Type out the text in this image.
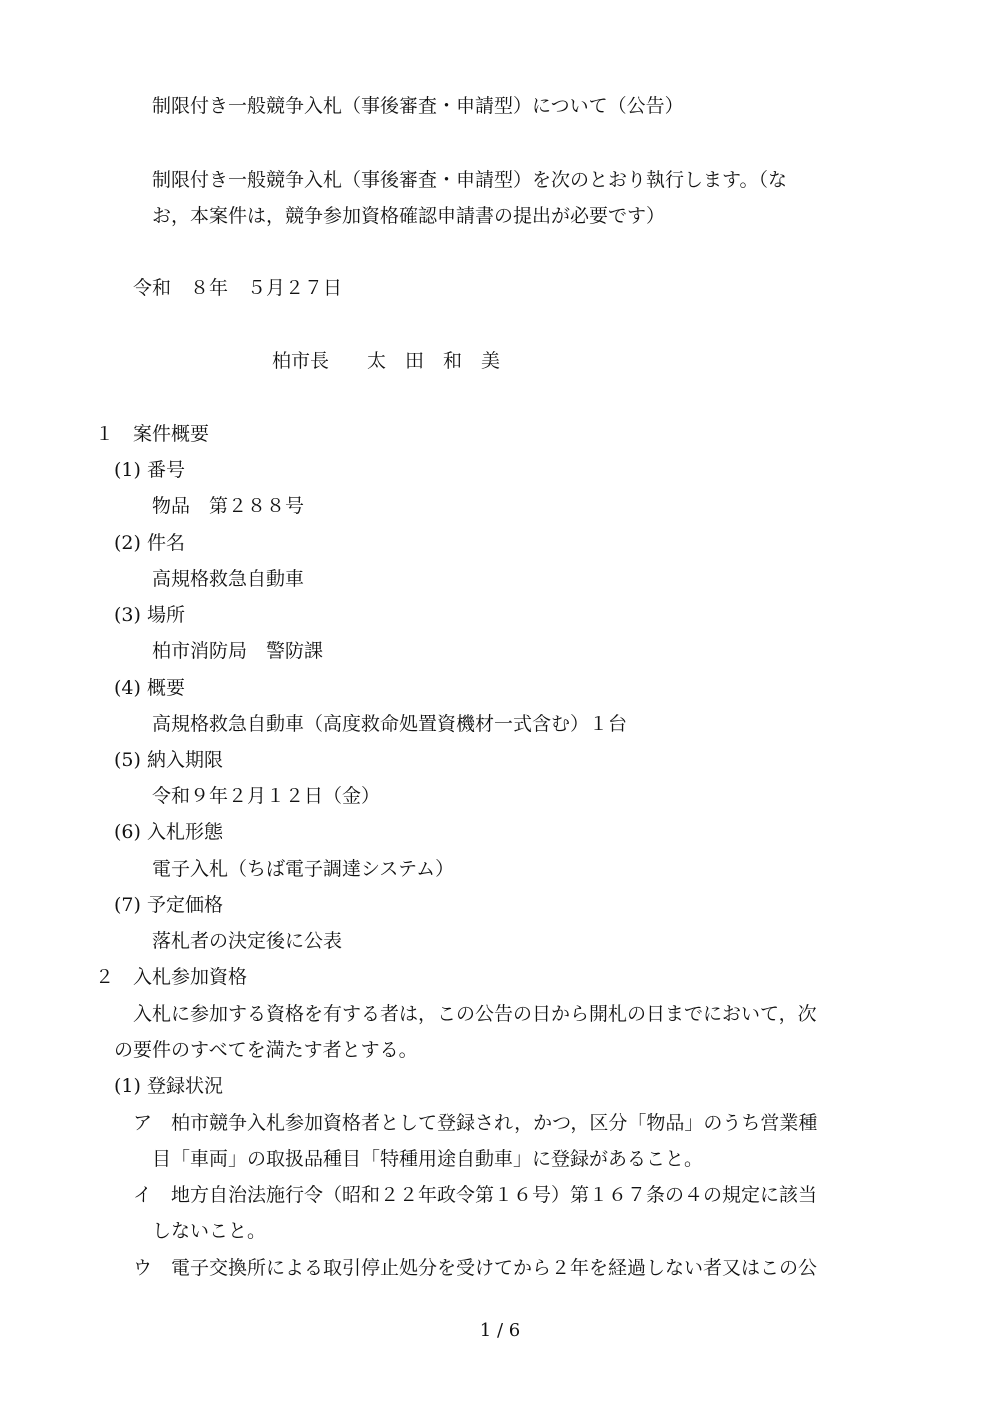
制限付き一般競争入札（事後審査・申請型）について（公告）
制限付き一般競争入札（事後審査・申請型）を次のとおり執行します。（な
お，本案件は，競争参加資格確認申請書の提出が必要です）
令和　８年　５月２７日
柏市長　　太　田　和　美
１　案件概要
(1) 番号
物品　第２８８号
(2) 件名
高規格救急自動車
(3) 場所
柏市消防局　警防課
(4) 概要
高規格救急自動車（高度救命処置資機材一式含む）１台
(5) 納入期限
令和９年２月１２日（金）
(6) 入札形態
電子入札（ちば電子調達システム）
(7) 予定価格
落札者の決定後に公表
２　入札参加資格
入札に参加する資格を有する者は，この公告の日から開札の日までにおいて，次
の要件のすべてを満たす者とする。
(1) 登録状況
ア　柏市競争入札参加資格者として登録され，かつ，区分「物品」のうち営業種
目「車両」の取扱品種目「特種用途自動車」に登録があること。
イ　地方自治法施行令（昭和２２年政令第１６号）第１６７条の４の規定に該当
しないこと。
ウ　電子交換所による取引停止処分を受けてから２年を経過しない者又はこの公
1 / 6
